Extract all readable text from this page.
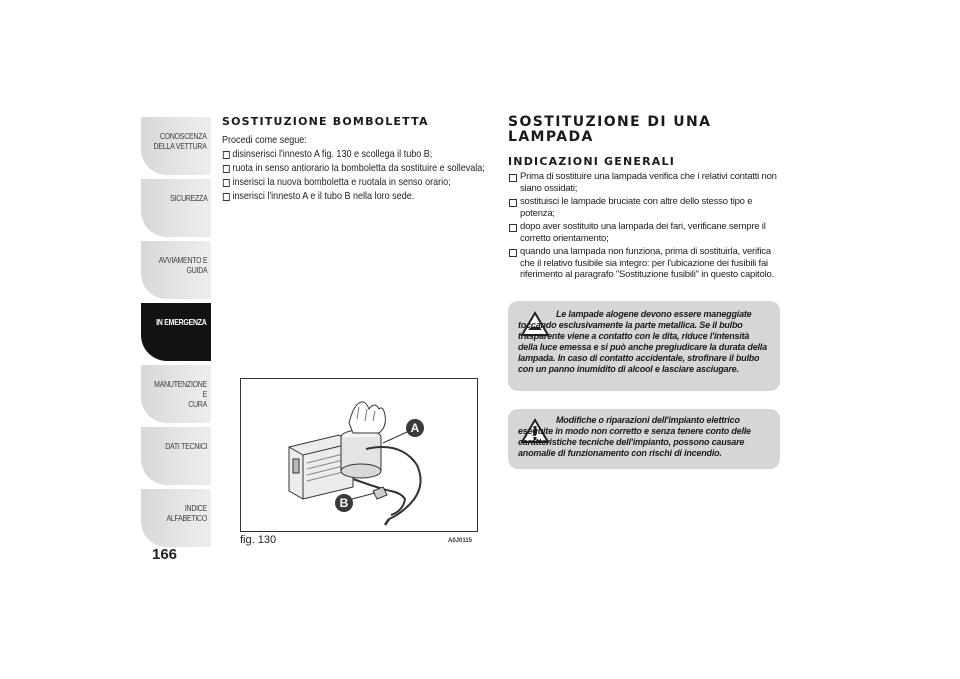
CONOSCENZA
DELLA VETTURA
SICUREZZA
AVVIAMENTO E
GUIDA
IN EMERGENZA
MANUTENZIONE E
CURA
DATI TECNICI
INDICE ALFABETICO
166
SOSTITUZIONE BOMBOLETTA

Procedi come segue:

disinserisci l'innesto A fig. 130 e scollega il tubo B;

ruota in senso antiorario la bomboletta da sostituire e sollevala;

inserisci la nuova bomboletta e ruotala in senso orario;

inserisci l'innesto A e il tubo B nella loro sede.

A
B
fig. 130	A0J0115
SOSTITUZIONE DI UNA LAMPADA
INDICAZIONI GENERALI

Prima di sostituire una lampada verifica che i relativi contatti non siano ossidati;

sostituisci le lampade bruciate con altre dello stesso tipo e potenza;

dopo aver sostituito una lampada dei fari, verificane sempre il corretto orientamento;

quando una lampada non funziona, prima di sostituirla, verifica che il relativo fusibile sia integro: per l'ubicazione dei fusibili fai riferimento al paragrafo "Sostituzione fusibili" in questo capitolo.

Le lampade alogene devono essere maneggiate toccando esclusivamente la parte metallica. Se il bulbo trasparente viene a contatto con le dita, riduce l'intensità della luce emessa e si può anche pregiudicare la durata della lampada. In caso di contatto accidentale, strofinare il bulbo con un panno inumidito di alcool e lasciare asciugare.
Modifiche o riparazioni dell'impianto elettrico eseguite in modo non corretto e senza tenere conto delle caratteristiche tecniche dell'impianto, possono causare anomalie di funzionamento con rischi di incendio.
